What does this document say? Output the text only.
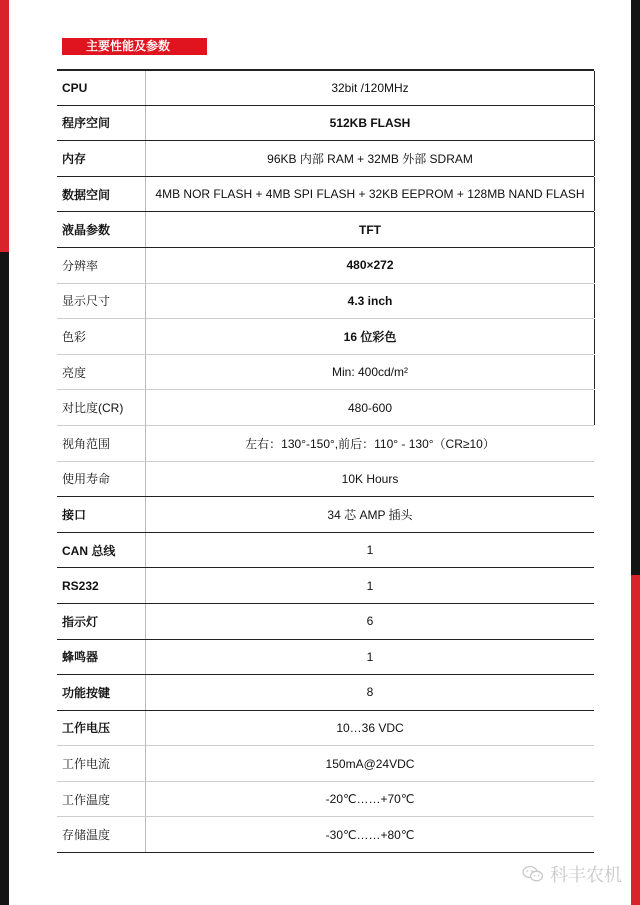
主要性能及参数
CPU	32bit /120MHz
程序空间	512KB FLASH
内存	96KB 内部 RAM + 32MB 外部 SDRAM
数据空间	4MB NOR FLASH + 4MB SPI FLASH + 32KB EEPROM + 128MB NAND FLASH
液晶参数	TFT
分辨率	480×272
显示尺寸	4.3 inch
色彩	16 位彩色
亮度	Min: 400cd/m²
对比度(CR)	480-600
视角范围	左右：130°-150°,前后：110° - 130°（CR≥10）
使用寿命	10K Hours
接口	34 芯 AMP 插头
CAN 总线	1
RS232	1
指示灯	6
蜂鸣器	1
功能按键	8
工作电压	10…36 VDC
工作电流	150mA@24VDC
工作温度	-20℃……+70℃
存储温度	-30℃……+80℃
科丰农机
